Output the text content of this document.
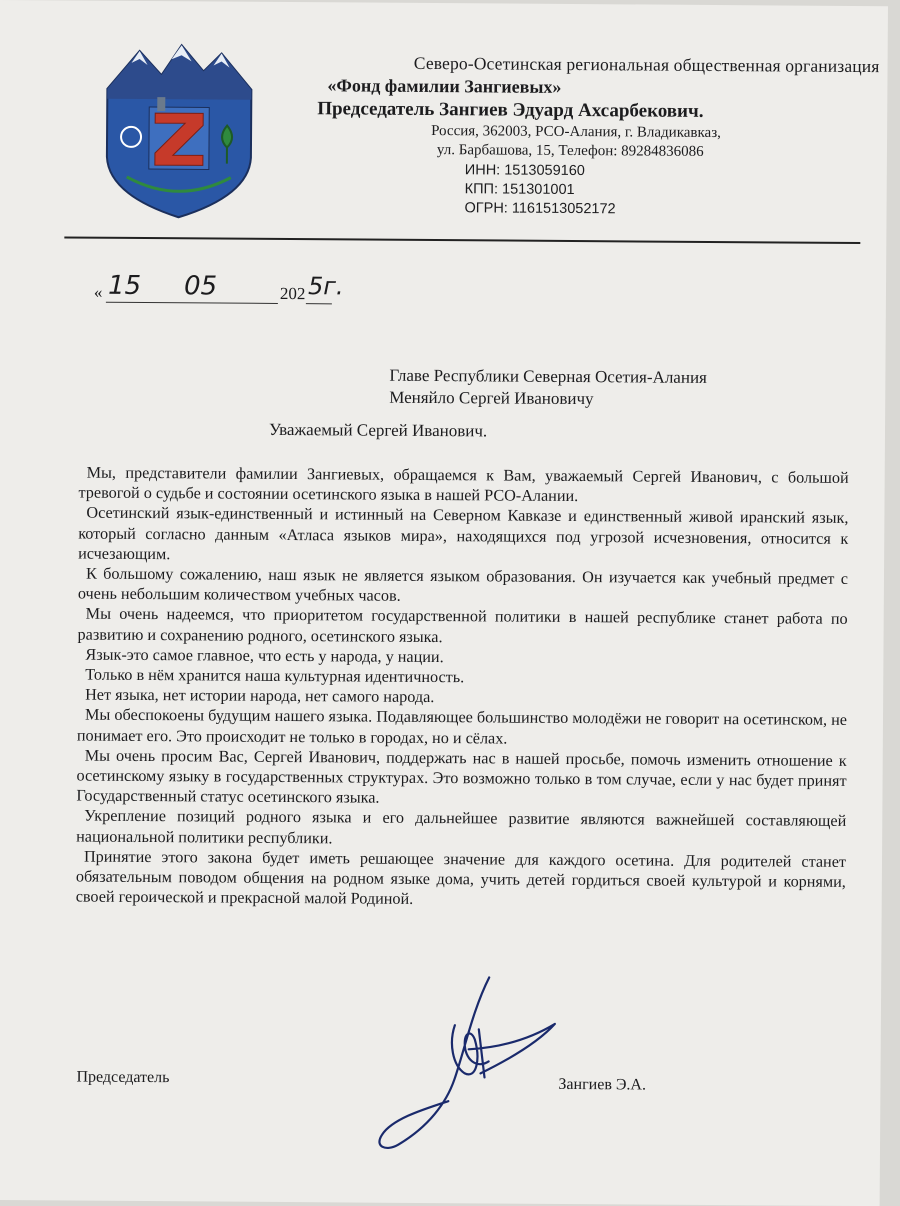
Северо-Осетинская региональная общественная организация
«Фонд фамилии Зангиевых»
Председатель Зангиев Эдуард Ахсарбекович.
Россия, 362003, РСО-Алания, г. Владикавказ,
ул. Барбашова, 15, Телефон: 89284836086
ИНН: 1513059160
КПП: 151301001
ОГРН: 1161513052172
« 15 05	202 5г.
Главе Республики Северная Осетия-Алания
Меняйло Сергей Ивановичу
Уважаемый Сергей Иванович.

Мы, представители фамилии Зангиевых, обращаемся к Вам, уважаемый Сергей Иванович, с большой тревогой о судьбе и состоянии осетинского языка в нашей РСО-Алании.

Осетинский язык-единственный и истинный на Северном Кавказе и единственный живой иранский язык, который согласно данным «Атласа языков мира», находящихся под угрозой исчезновения, относится к исчезающим.

К большому сожалению, наш язык не является языком образования. Он изучается как учебный предмет с очень небольшим количеством учебных часов.

Мы очень надеемся, что приоритетом государственной политики в нашей республике станет работа по развитию и сохранению родного, осетинского языка.

Язык-это самое главное, что есть у народа, у нации.

Только в нём хранится наша культурная идентичность.

Нет языка, нет истории народа, нет самого народа.

Мы обеспокоены будущим нашего языка. Подавляющее большинство молодёжи не говорит на осетинском, не понимает его. Это происходит не только в городах, но и сёлах.

Мы очень просим Вас, Сергей Иванович, поддержать нас в нашей просьбе, помочь изменить отношение к осетинскому языку в государственных структурах. Это возможно только в том случае, если у нас будет принят Государственный статус осетинского языка.

Укрепление позиций родного языка и его дальнейшее развитие являются важнейшей составляющей национальной политики республики.

Принятие этого закона будет иметь решающее значение для каждого осетина. Для родителей станет обязательным поводом общения на родном языке дома, учить детей гордиться своей культурой и корнями, своей героической и прекрасной малой Родиной.

Председатель	Зангиев Э.А.
